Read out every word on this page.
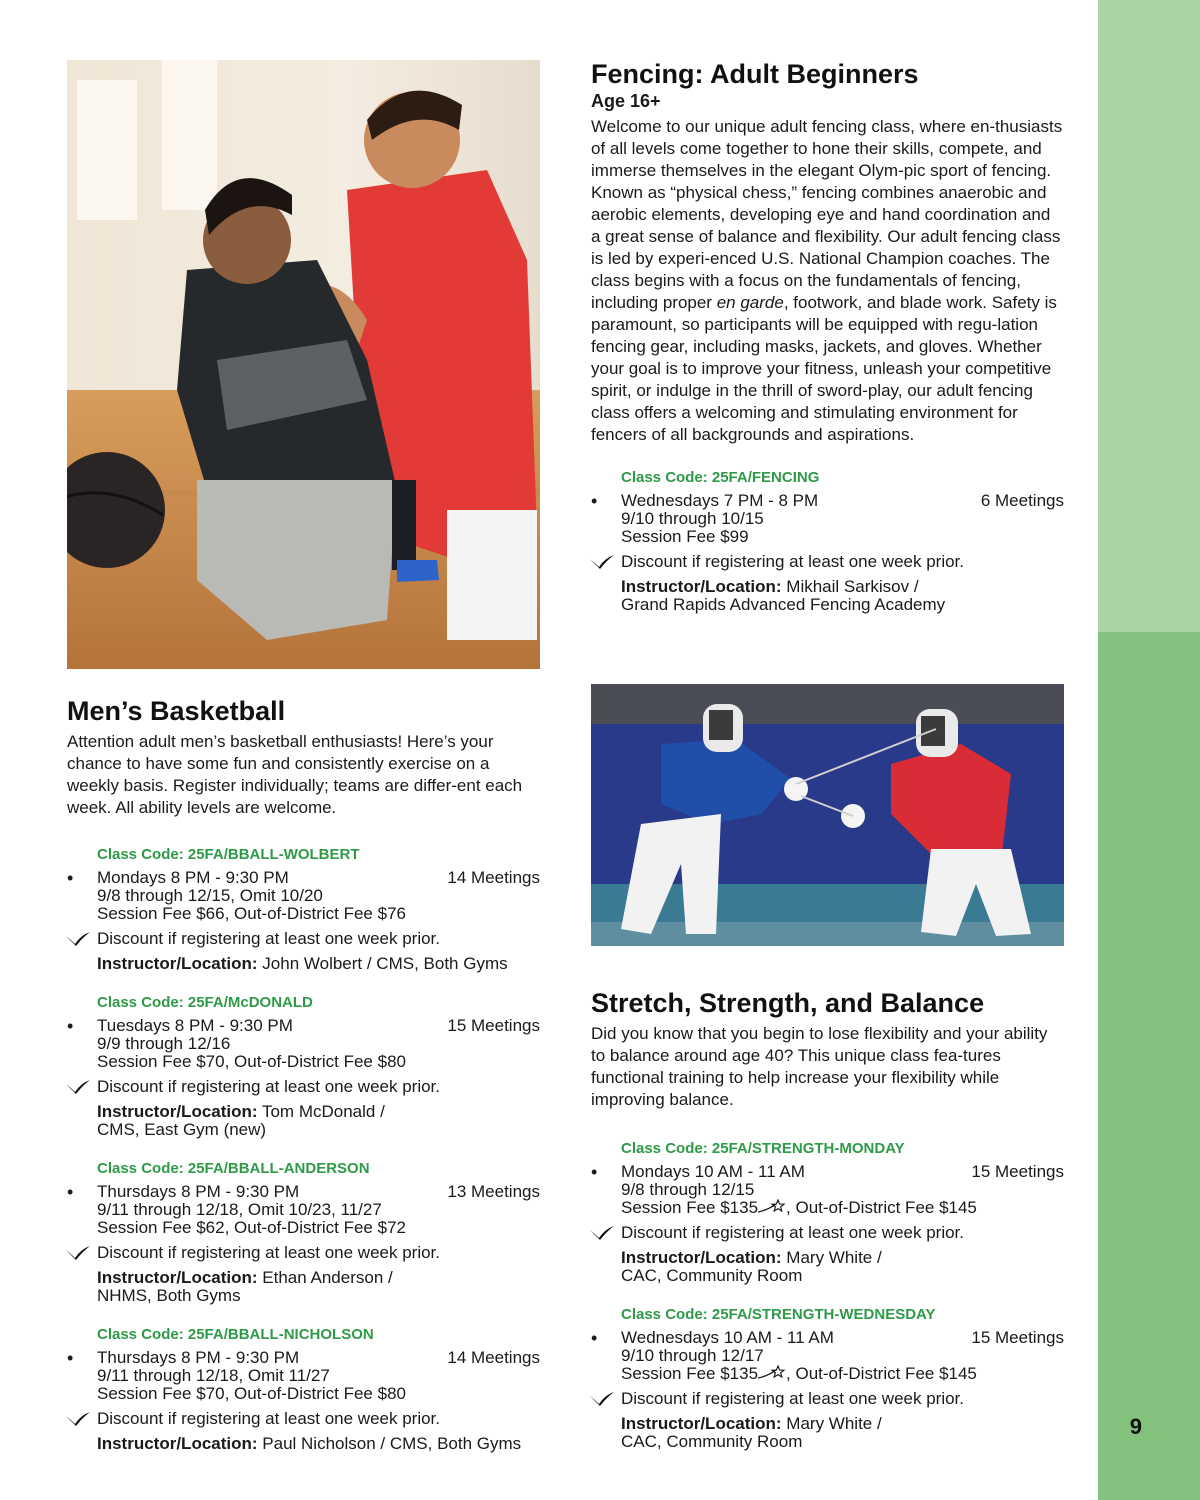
9
Fencing: Adult Beginners

Age 16+

Welcome to our unique adult fencing class, where en-thusiasts of all levels come together to hone their skills, compete, and immerse themselves in the elegant Olym-pic sport of fencing. Known as “physical chess,” fencing combines anaerobic and aerobic elements, developing eye and hand coordination and a great sense of balance and flexibility. Our adult fencing class is led by experi-enced U.S. National Champion coaches. The class begins with a focus on the fundamentals of fencing, including proper en garde, footwork, and blade work. Safety is paramount, so participants will be equipped with regu-lation fencing gear, including masks, jackets, and gloves. Whether your goal is to improve your fitness, unleash your competitive spirit, or indulge in the thrill of sword-play, our adult fencing class offers a welcoming and stimulating environment for fencers of all backgrounds and aspirations.

Class Code: 25FA/FENCING
• Wednesdays 7 PM - 8 PM	6 Meetings
9/10 through 10/15
Session Fee $99
Discount if registering at least one week prior.
Instructor/Location: Mikhail Sarkisov /
Grand Rapids Advanced Fencing Academy
Men’s Basketball

Attention adult men’s basketball enthusiasts! Here’s your chance to have some fun and consistently exercise on a weekly basis. Register individually; teams are differ-ent each week. All ability levels are welcome.

Class Code: 25FA/BBALL-WOLBERT
• Mondays 8 PM - 9:30 PM	14 Meetings
9/8 through 12/15, Omit 10/20
Session Fee $66, Out-of-District Fee $76
Discount if registering at least one week prior.
Instructor/Location: John Wolbert / CMS, Both Gyms
Class Code: 25FA/McDONALD
• Tuesdays 8 PM - 9:30 PM	15 Meetings
9/9 through 12/16
Session Fee $70, Out-of-District Fee $80
Discount if registering at least one week prior.
Instructor/Location: Tom McDonald /
CMS, East Gym (new)
Class Code: 25FA/BBALL-ANDERSON
• Thursdays 8 PM - 9:30 PM	13 Meetings
9/11 through 12/18, Omit 10/23, 11/27
Session Fee $62, Out-of-District Fee $72
Discount if registering at least one week prior.
Instructor/Location: Ethan Anderson /
NHMS, Both Gyms
Class Code: 25FA/BBALL-NICHOLSON
• Thursdays 8 PM - 9:30 PM	14 Meetings
9/11 through 12/18, Omit 11/27
Session Fee $70, Out-of-District Fee $80
Discount if registering at least one week prior.
Instructor/Location: Paul Nicholson / CMS, Both Gyms
Stretch, Strength, and Balance

Did you know that you begin to lose flexibility and your ability to balance around age 40? This unique class fea-tures functional training to help increase your flexibility while improving balance.

Class Code: 25FA/STRENGTH-MONDAY
• Mondays 10 AM - 11 AM	15 Meetings
9/8 through 12/15
Session Fee $135 , Out-of-District Fee $145
Discount if registering at least one week prior.
Instructor/Location: Mary White /
CAC, Community Room
Class Code: 25FA/STRENGTH-WEDNESDAY
• Wednesdays 10 AM - 11 AM	15 Meetings
9/10 through 12/17
Session Fee $135 , Out-of-District Fee $145
Discount if registering at least one week prior.
Instructor/Location: Mary White /
CAC, Community Room
